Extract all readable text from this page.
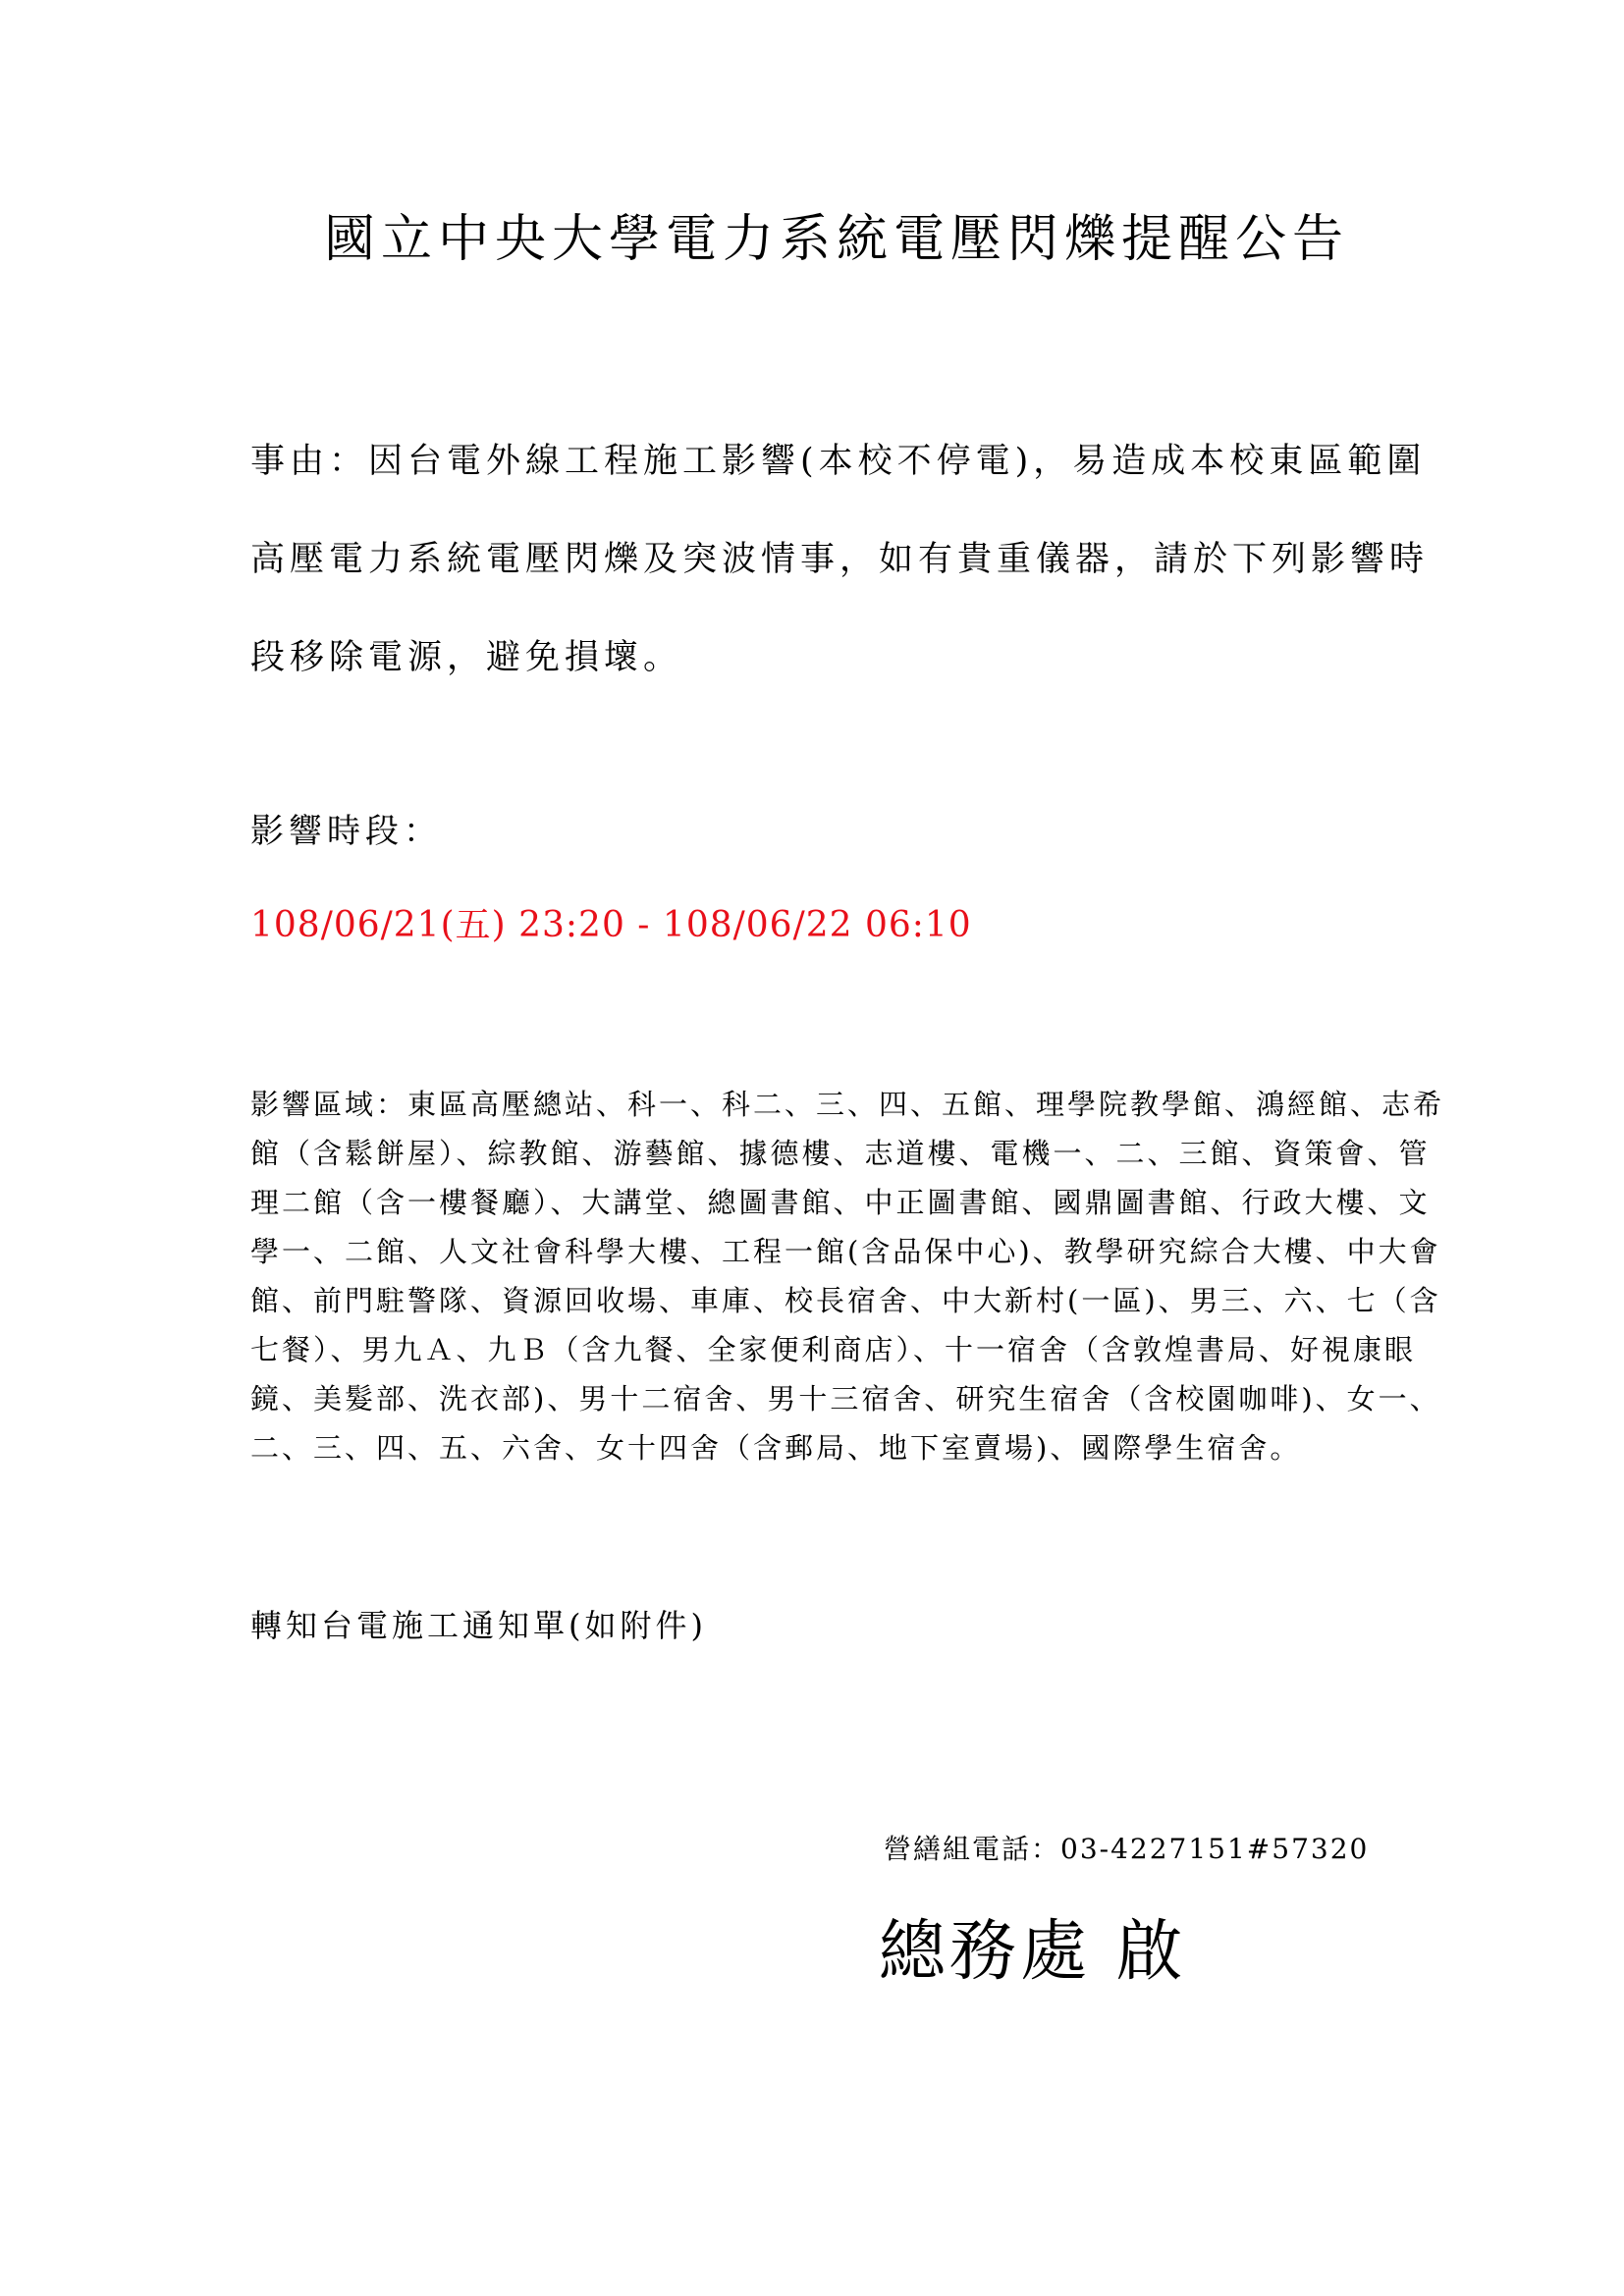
國立中央大學電力系統電壓閃爍提醒公告
事由：因台電外線工程施工影響(本校不停電)，易造成本校東區範圍高壓電力系統電壓閃爍及突波情事，如有貴重儀器，請於下列影響時段移除電源，避免損壞。
影響時段：
108/06/21(五) 23:20 - 108/06/22 06:10
影響區域：東區高壓總站、科一、科二、三、四、五館、理學院教學館、鴻經館、志希館（含鬆餅屋）、綜教館、游藝館、據德樓、志道樓、電機一、二、三館、資策會、管理二館（含一樓餐廳）、大講堂、總圖書館、中正圖書館、國鼎圖書館、行政大樓、文學一、二館、人文社會科學大樓、工程一館(含品保中心)、教學研究綜合大樓、中大會館、前門駐警隊、資源回收場、車庫、校長宿舍、中大新村(一區)、男三、六、七（含七餐）、男九Ａ、九Ｂ（含九餐、全家便利商店）、十一宿舍（含敦煌書局、好視康眼鏡、美髮部、洗衣部)、男十二宿舍、男十三宿舍、研究生宿舍（含校園咖啡)、女一、二、三、四、五、六舍、女十四舍（含郵局、地下室賣場)、國際學生宿舍。
轉知台電施工通知單(如附件)
營繕組電話：03-4227151#57320
總務處 啟
